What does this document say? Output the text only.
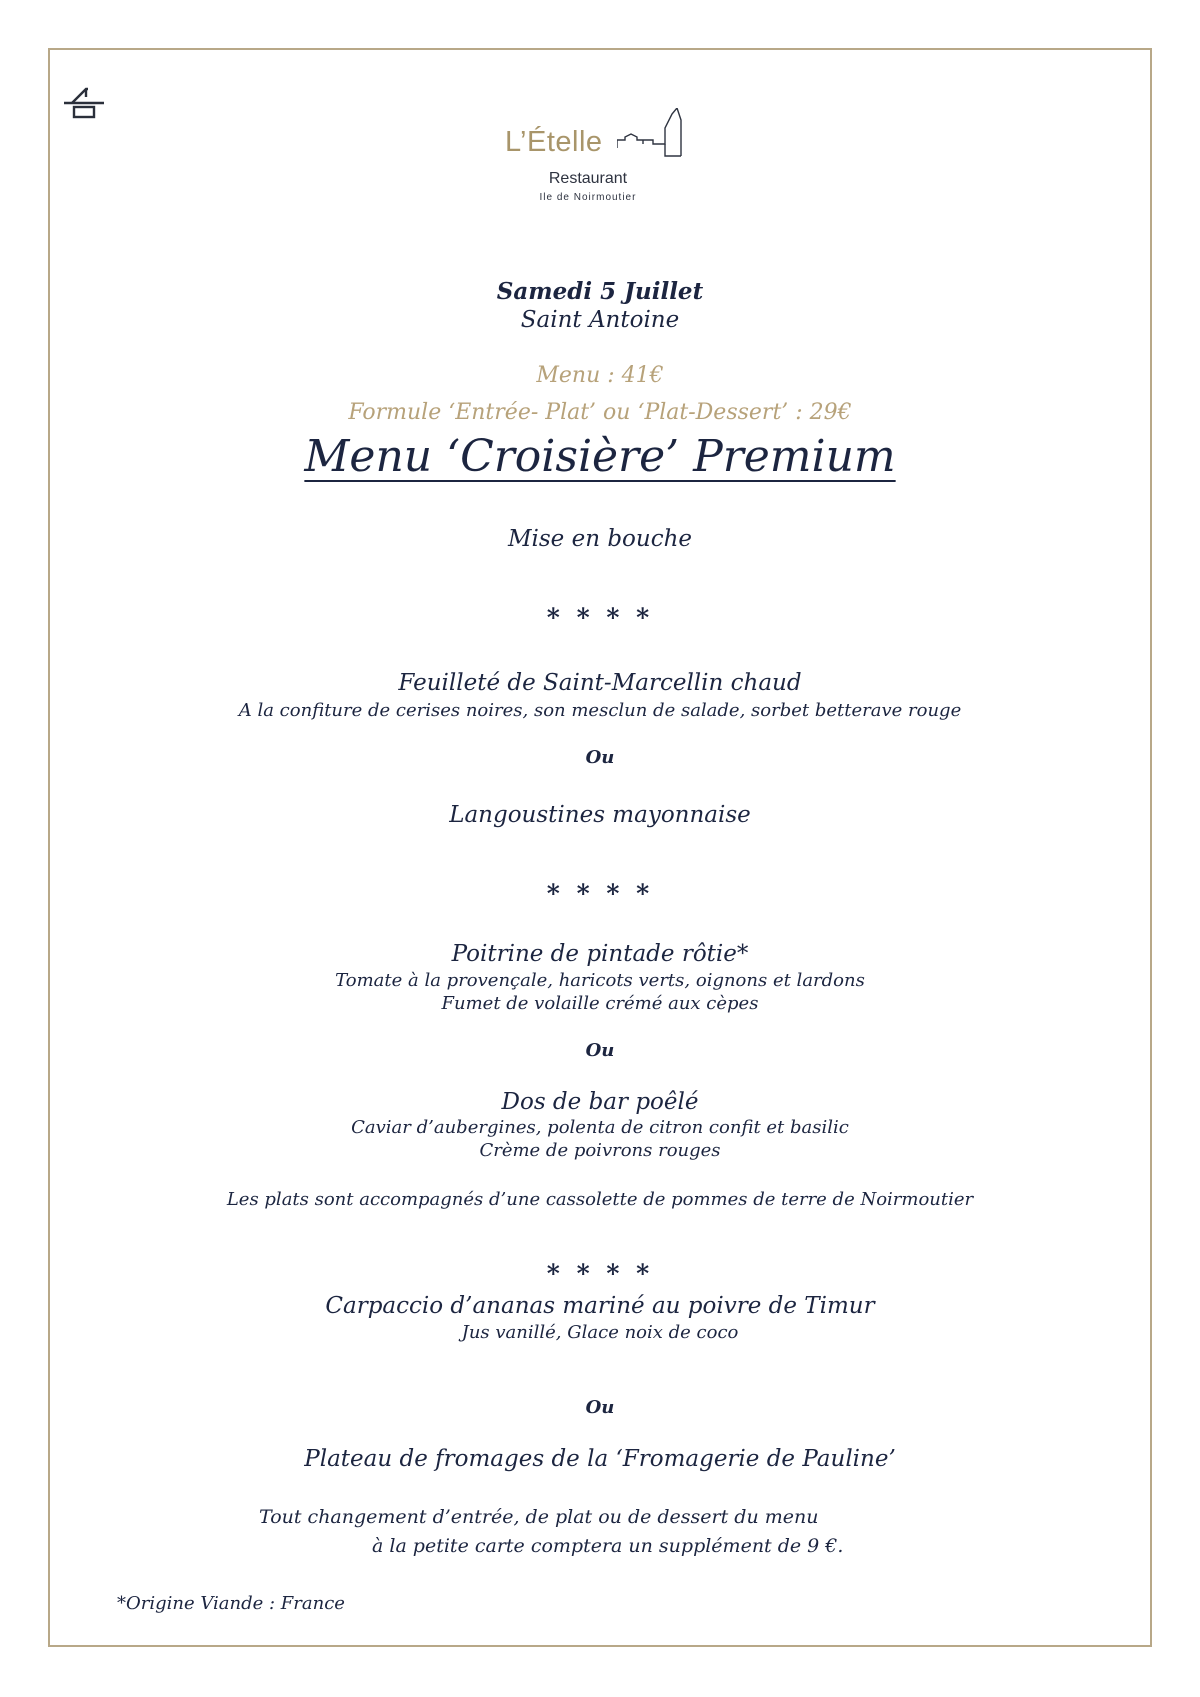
L’Ételle
Restaurant
Ile de Noirmoutier
Samedi 5 Juillet
Saint Antoine
Menu : 41€
Formule ‘Entrée- Plat’ ou ‘Plat-Dessert’ : 29€
Menu ‘Croisière’ Premium
Mise en bouche
* * * *
Feuilleté de Saint-Marcellin chaud
A la confiture de cerises noires, son mesclun de salade, sorbet betterave rouge
Ou
Langoustines mayonnaise
* * * *
Poitrine de pintade rôtie*
Tomate à la provençale, haricots verts, oignons et lardons
Fumet de volaille crémé aux cèpes
Ou
Dos de bar poêlé
Caviar d’aubergines, polenta de citron confit et basilic
Crème de poivrons rouges
Les plats sont accompagnés d’une cassolette de pommes de terre de Noirmoutier
* * * *
Carpaccio d’ananas mariné au poivre de Timur
Jus vanillé, Glace noix de coco
Ou
Plateau de fromages de la ‘Fromagerie de Pauline’
Tout changement d’entrée, de plat ou de dessert du menu
à la petite carte comptera un supplément de 9 €.
*Origine Viande : France
